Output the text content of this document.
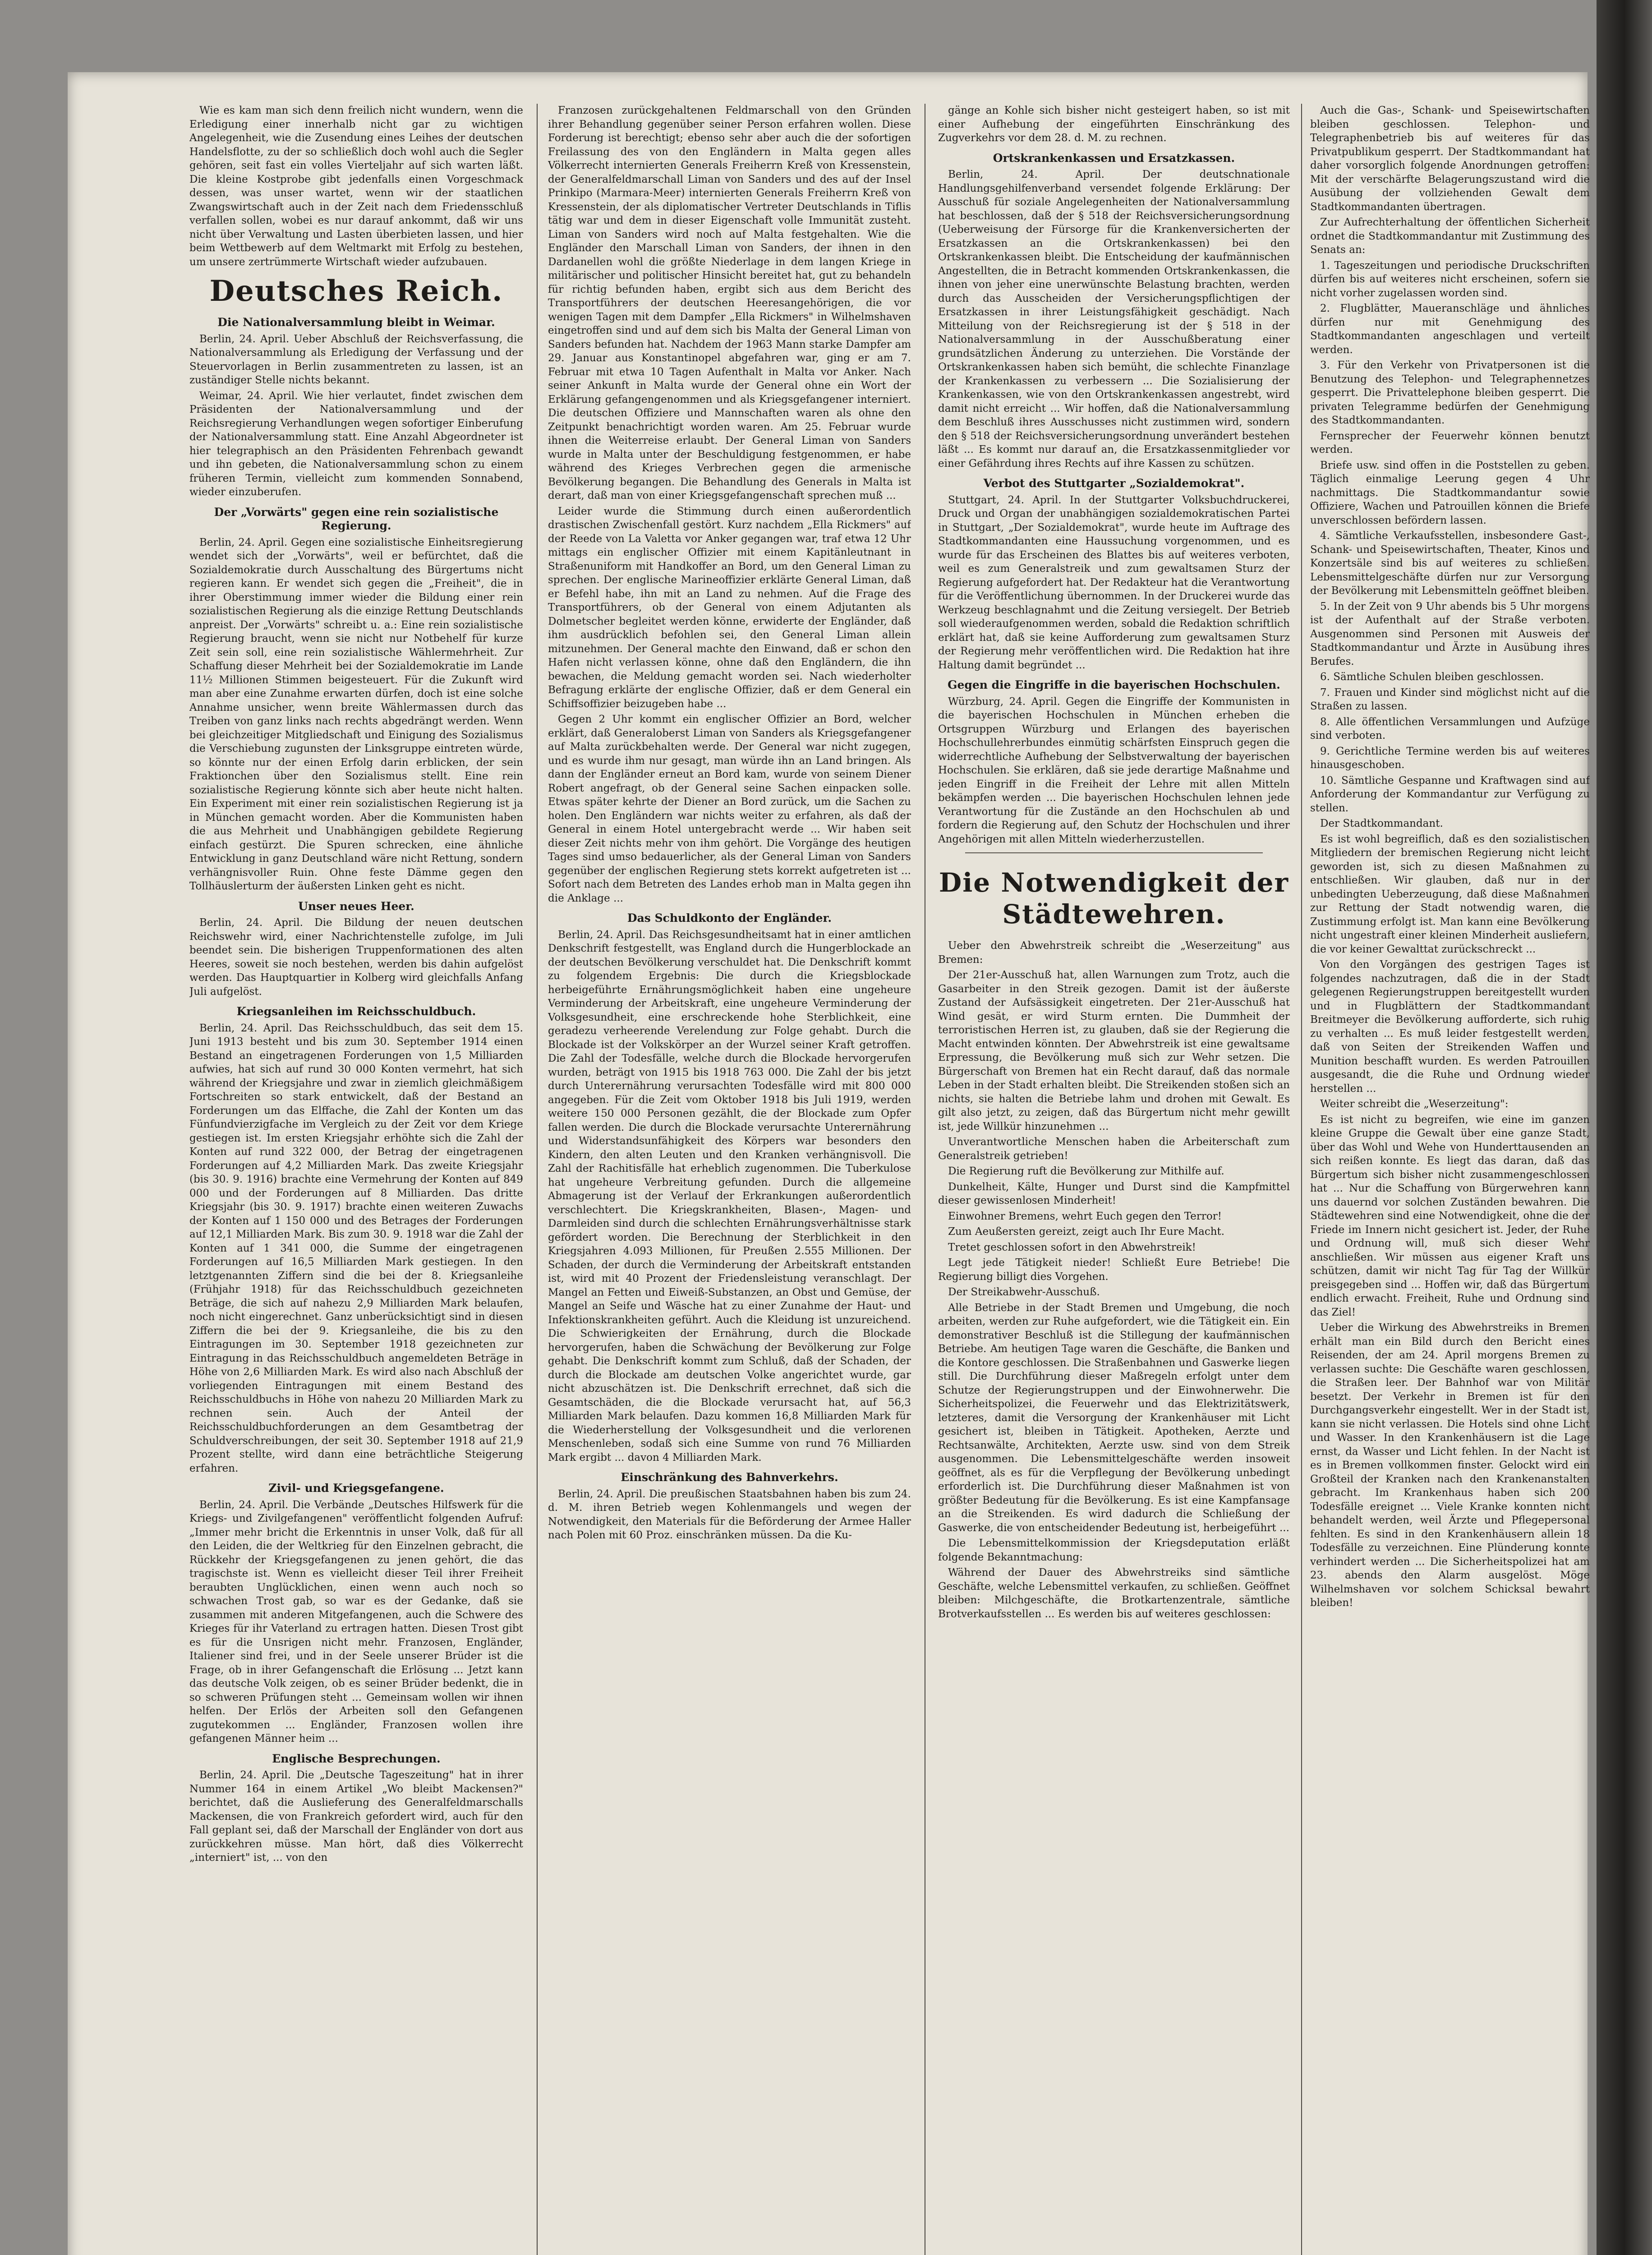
Wie es kam man sich denn freilich nicht wundern, wenn die Erledigung einer innerhalb nicht gar zu wichtigen Angelegenheit, wie die Zusendung eines Leihes der deutschen Handelsflotte, zu der so schließlich doch wohl auch die Segler gehören, seit fast ein volles Vierteljahr auf sich warten läßt. Die kleine Kostprobe gibt jedenfalls einen Vorgeschmack dessen, was unser wartet, wenn wir der staatlichen Zwangswirtschaft auch in der Zeit nach dem Friedensschluß verfallen sollen, wobei es nur darauf ankommt, daß wir uns nicht über Verwaltung und Lasten überbieten lassen, und hier beim Wettbewerb auf dem Weltmarkt mit Erfolg zu bestehen, um unsere zertrümmerte Wirtschaft wieder aufzubauen.

Deutsches Reich.
Die Nationalversammlung bleibt in Weimar.

Berlin, 24. April. Ueber Abschluß der Reichsverfassung, die Nationalversammlung als Erledigung der Verfassung und der Steuervorlagen in Berlin zusammentreten zu lassen, ist an zuständiger Stelle nichts bekannt.

Weimar, 24. April. Wie hier verlautet, findet zwischen dem Präsidenten der Nationalversammlung und der Reichsregierung Verhandlungen wegen sofortiger Einberufung der Nationalversammlung statt. Eine Anzahl Abgeordneter ist hier telegraphisch an den Präsidenten Fehrenbach gewandt und ihn gebeten, die Nationalversammlung schon zu einem früheren Termin, vielleicht zum kommenden Sonnabend, wieder einzuberufen.

Der „Vorwärts" gegen eine rein sozialistische Regierung.

Berlin, 24. April. Gegen eine sozialistische Einheitsregierung wendet sich der „Vorwärts", weil er befürchtet, daß die Sozialdemokratie durch Ausschaltung des Bürgertums nicht regieren kann. Er wendet sich gegen die „Freiheit", die in ihrer Oberstimmung immer wieder die Bildung einer rein sozialistischen Regierung als die einzige Rettung Deutschlands anpreist. Der „Vorwärts" schreibt u. a.: Eine rein sozialistische Regierung braucht, wenn sie nicht nur Notbehelf für kurze Zeit sein soll, eine rein sozialistische Wählermehrheit. Zur Schaffung dieser Mehrheit bei der Sozialdemokratie im Lande 11½ Millionen Stimmen beigesteuert. Für die Zukunft wird man aber eine Zunahme erwarten dürfen, doch ist eine solche Annahme unsicher, wenn breite Wählermassen durch das Treiben von ganz links nach rechts abgedrängt werden. Wenn bei gleichzeitiger Mitgliedschaft und Einigung des Sozialismus die Verschiebung zugunsten der Linksgruppe eintreten würde, so könnte nur der einen Erfolg darin erblicken, der sein Fraktionchen über den Sozialismus stellt. Eine rein sozialistische Regierung könnte sich aber heute nicht halten. Ein Experiment mit einer rein sozialistischen Regierung ist ja in München gemacht worden. Aber die Kommunisten haben die aus Mehrheit und Unabhängigen gebildete Regierung einfach gestürzt. Die Spuren schrecken, eine ähnliche Entwicklung in ganz Deutschland wäre nicht Rettung, sondern verhängnisvoller Ruin. Ohne feste Dämme gegen den Tollhäuslerturm der äußersten Linken geht es nicht.

Unser neues Heer.

Berlin, 24. April. Die Bildung der neuen deutschen Reichswehr wird, einer Nachrichtenstelle zufolge, im Juli beendet sein. Die bisherigen Truppenformationen des alten Heeres, soweit sie noch bestehen, werden bis dahin aufgelöst werden. Das Hauptquartier in Kolberg wird gleichfalls Anfang Juli aufgelöst.

Kriegsanleihen im Reichsschuldbuch.

Berlin, 24. April. Das Reichsschuldbuch, das seit dem 15. Juni 1913 besteht und bis zum 30. September 1914 einen Bestand an eingetragenen Forderungen von 1,5 Milliarden aufwies, hat sich auf rund 30 000 Konten vermehrt, hat sich während der Kriegsjahre und zwar in ziemlich gleichmäßigem Fortschreiten so stark entwickelt, daß der Bestand an Forderungen um das Elffache, die Zahl der Konten um das Fünfundvierzigfache im Vergleich zu der Zeit vor dem Kriege gestiegen ist. Im ersten Kriegsjahr erhöhte sich die Zahl der Konten auf rund 322 000, der Betrag der eingetragenen Forderungen auf 4,2 Milliarden Mark. Das zweite Kriegsjahr (bis 30. 9. 1916) brachte eine Vermehrung der Konten auf 849 000 und der Forderungen auf 8 Milliarden. Das dritte Kriegsjahr (bis 30. 9. 1917) brachte einen weiteren Zuwachs der Konten auf 1 150 000 und des Betrages der Forderungen auf 12,1 Milliarden Mark. Bis zum 30. 9. 1918 war die Zahl der Konten auf 1 341 000, die Summe der eingetragenen Forderungen auf 16,5 Milliarden Mark gestiegen. In den letztgenannten Ziffern sind die bei der 8. Kriegsanleihe (Frühjahr 1918) für das Reichsschuldbuch gezeichneten Beträge, die sich auf nahezu 2,9 Milliarden Mark belaufen, noch nicht eingerechnet. Ganz unberücksichtigt sind in diesen Ziffern die bei der 9. Kriegsanleihe, die bis zu den Eintragungen im 30. September 1918 gezeichneten zur Eintragung in das Reichsschuldbuch angemeldeten Beträge in Höhe von 2,6 Milliarden Mark. Es wird also nach Abschluß der vorliegenden Eintragungen mit einem Bestand des Reichsschuldbuchs in Höhe von nahezu 20 Milliarden Mark zu rechnen sein. Auch der Anteil der Reichsschuldbuchforderungen an dem Gesamtbetrag der Schuldverschreibungen, der seit 30. September 1918 auf 21,9 Prozent stellte, wird dann eine beträchtliche Steigerung erfahren.

Zivil- und Kriegsgefangene.

Berlin, 24. April. Die Verbände „Deutsches Hilfswerk für die Kriegs- und Zivilgefangenen" veröffentlicht folgenden Aufruf: „Immer mehr bricht die Erkenntnis in unser Volk, daß für all den Leiden, die der Weltkrieg für den Einzelnen gebracht, die Rückkehr der Kriegsgefangenen zu jenen gehört, die das tragischste ist. Wenn es vielleicht dieser Teil ihrer Freiheit beraubten Unglücklichen, einen wenn auch noch so schwachen Trost gab, so war es der Gedanke, daß sie zusammen mit anderen Mitgefangenen, auch die Schwere des Krieges für ihr Vaterland zu ertragen hatten. Diesen Trost gibt es für die Unsrigen nicht mehr. Franzosen, Engländer, Italiener sind frei, und in der Seele unserer Brüder ist die Frage, ob in ihrer Gefangenschaft die Erlösung ... Jetzt kann das deutsche Volk zeigen, ob es seiner Brüder bedenkt, die in so schweren Prüfungen steht ... Gemeinsam wollen wir ihnen helfen. Der Erlös der Arbeiten soll den Gefangenen zugutekommen ... Engländer, Franzosen wollen ihre gefangenen Männer heim ...

Englische Besprechungen.

Berlin, 24. April. Die „Deutsche Tageszeitung" hat in ihrer Nummer 164 in einem Artikel „Wo bleibt Mackensen?" berichtet, daß die Auslieferung des Generalfeldmarschalls Mackensen, die von Frankreich gefordert wird, auch für den Fall geplant sei, daß der Marschall der Engländer von dort aus zurückkehren müsse. Man hört, daß dies Völkerrecht „interniert" ist, ... von den

Franzosen zurückgehaltenen Feldmarschall von den Gründen ihrer Behandlung gegenüber seiner Person erfahren wollen. Diese Forderung ist berechtigt; ebenso sehr aber auch die der sofortigen Freilassung des von den Engländern in Malta gegen alles Völkerrecht internierten Generals Freiherrn Kreß von Kressenstein, der Generalfeldmarschall Liman von Sanders und des auf der Insel Prinkipo (Marmara-Meer) internierten Generals Freiherrn Kreß von Kressenstein, der als diplomatischer Vertreter Deutschlands in Tiflis tätig war und dem in dieser Eigenschaft volle Immunität zusteht. Liman von Sanders wird noch auf Malta festgehalten. Wie die Engländer den Marschall Liman von Sanders, der ihnen in den Dardanellen wohl die größte Niederlage in dem langen Kriege in militärischer und politischer Hinsicht bereitet hat, gut zu behandeln für richtig befunden haben, ergibt sich aus dem Bericht des Transportführers der deutschen Heeresangehörigen, die vor wenigen Tagen mit dem Dampfer „Ella Rickmers" in Wilhelmshaven eingetroffen sind und auf dem sich bis Malta der General Liman von Sanders befunden hat. Nachdem der 1963 Mann starke Dampfer am 29. Januar aus Konstantinopel abgefahren war, ging er am 7. Februar mit etwa 10 Tagen Aufenthalt in Malta vor Anker. Nach seiner Ankunft in Malta wurde der General ohne ein Wort der Erklärung gefangengenommen und als Kriegsgefangener interniert. Die deutschen Offiziere und Mannschaften waren als ohne den Zeitpunkt benachrichtigt worden waren. Am 25. Februar wurde ihnen die Weiterreise erlaubt. Der General Liman von Sanders wurde in Malta unter der Beschuldigung festgenommen, er habe während des Krieges Verbrechen gegen die armenische Bevölkerung begangen. Die Behandlung des Generals in Malta ist derart, daß man von einer Kriegsgefangenschaft sprechen muß ...

Leider wurde die Stimmung durch einen außerordentlich drastischen Zwischenfall gestört. Kurz nachdem „Ella Rickmers" auf der Reede von La Valetta vor Anker gegangen war, traf etwa 12 Uhr mittags ein englischer Offizier mit einem Kapitänleutnant in Straßenuniform mit Handkoffer an Bord, um den General Liman zu sprechen. Der englische Marineoffizier erklärte General Liman, daß er Befehl habe, ihn mit an Land zu nehmen. Auf die Frage des Transportführers, ob der General von einem Adjutanten als Dolmetscher begleitet werden könne, erwiderte der Engländer, daß ihm ausdrücklich befohlen sei, den General Liman allein mitzunehmen. Der General machte den Einwand, daß er schon den Hafen nicht verlassen könne, ohne daß den Engländern, die ihn bewachen, die Meldung gemacht worden sei. Nach wiederholter Befragung erklärte der englische Offizier, daß er dem General ein Schiffsoffizier beizugeben habe ...

Gegen 2 Uhr kommt ein englischer Offizier an Bord, welcher erklärt, daß Generaloberst Liman von Sanders als Kriegsgefangener auf Malta zurückbehalten werde. Der General war nicht zugegen, und es wurde ihm nur gesagt, man würde ihn an Land bringen. Als dann der Engländer erneut an Bord kam, wurde von seinem Diener Robert angefragt, ob der General seine Sachen einpacken solle. Etwas später kehrte der Diener an Bord zurück, um die Sachen zu holen. Den Engländern war nichts weiter zu erfahren, als daß der General in einem Hotel untergebracht werde ... Wir haben seit dieser Zeit nichts mehr von ihm gehört. Die Vorgänge des heutigen Tages sind umso bedauerlicher, als der General Liman von Sanders gegenüber der englischen Regierung stets korrekt aufgetreten ist ... Sofort nach dem Betreten des Landes erhob man in Malta gegen ihn die Anklage ...

Das Schuldkonto der Engländer.

Berlin, 24. April. Das Reichsgesundheitsamt hat in einer amtlichen Denkschrift festgestellt, was England durch die Hungerblockade an der deutschen Bevölkerung verschuldet hat. Die Denkschrift kommt zu folgendem Ergebnis: Die durch die Kriegsblockade herbeigeführte Ernährungsmöglichkeit haben eine ungeheure Verminderung der Arbeitskraft, eine ungeheure Verminderung der Volksgesundheit, eine erschreckende hohe Sterblichkeit, eine geradezu verheerende Verelendung zur Folge gehabt. Durch die Blockade ist der Volkskörper an der Wurzel seiner Kraft getroffen. Die Zahl der Todesfälle, welche durch die Blockade hervorgerufen wurden, beträgt von 1915 bis 1918 763 000. Die Zahl der bis jetzt durch Unterernährung verursachten Todesfälle wird mit 800 000 angegeben. Für die Zeit vom Oktober 1918 bis Juli 1919, werden weitere 150 000 Personen gezählt, die der Blockade zum Opfer fallen werden. Die durch die Blockade verursachte Unterernährung und Widerstandsunfähigkeit des Körpers war besonders den Kindern, den alten Leuten und den Kranken verhängnisvoll. Die Zahl der Rachitisfälle hat erheblich zugenommen. Die Tuberkulose hat ungeheure Verbreitung gefunden. Durch die allgemeine Abmagerung ist der Verlauf der Erkrankungen außerordentlich verschlechtert. Die Kriegskrankheiten, Blasen-, Magen- und Darmleiden sind durch die schlechten Ernährungsverhältnisse stark gefördert worden. Die Berechnung der Sterblichkeit in den Kriegsjahren 4.093 Millionen, für Preußen 2.555 Millionen. Der Schaden, der durch die Verminderung der Arbeitskraft entstanden ist, wird mit 40 Prozent der Friedensleistung veranschlagt. Der Mangel an Fetten und Eiweiß-Substanzen, an Obst und Gemüse, der Mangel an Seife und Wäsche hat zu einer Zunahme der Haut- und Infektionskrankheiten geführt. Auch die Kleidung ist unzureichend. Die Schwierigkeiten der Ernährung, durch die Blockade hervorgerufen, haben die Schwächung der Bevölkerung zur Folge gehabt. Die Denkschrift kommt zum Schluß, daß der Schaden, der durch die Blockade am deutschen Volke angerichtet wurde, gar nicht abzuschätzen ist. Die Denkschrift errechnet, daß sich die Gesamtschäden, die die Blockade verursacht hat, auf 56,3 Milliarden Mark belaufen. Dazu kommen 16,8 Milliarden Mark für die Wiederherstellung der Volksgesundheit und die verlorenen Menschenleben, sodaß sich eine Summe von rund 76 Milliarden Mark ergibt ... davon 4 Milliarden Mark.

Einschränkung des Bahnverkehrs.

Berlin, 24. April. Die preußischen Staatsbahnen haben bis zum 24. d. M. ihren Betrieb wegen Kohlenmangels und wegen der Notwendigkeit, den Materials für die Beförderung der Armee Haller nach Polen mit 60 Proz. einschränken müssen. Da die Ku-

gänge an Kohle sich bisher nicht gesteigert haben, so ist mit einer Aufhebung der eingeführten Einschränkung des Zugverkehrs vor dem 28. d. M. zu rechnen.

Ortskrankenkassen und Ersatzkassen.

Berlin, 24. April. Der deutschnationale Handlungsgehilfenverband versendet folgende Erklärung: Der Ausschuß für soziale Angelegenheiten der Nationalversammlung hat beschlossen, daß der § 518 der Reichsversicherungsordnung (Ueberweisung der Fürsorge für die Krankenversicherten der Ersatzkassen an die Ortskrankenkassen) bei den Ortskrankenkassen bleibt. Die Entscheidung der kaufmännischen Angestellten, die in Betracht kommenden Ortskrankenkassen, die ihnen von jeher eine unerwünschte Belastung brachten, werden durch das Ausscheiden der Versicherungspflichtigen der Ersatzkassen in ihrer Leistungsfähigkeit geschädigt. Nach Mitteilung von der Reichsregierung ist der § 518 in der Nationalversammlung in der Ausschußberatung einer grundsätzlichen Änderung zu unterziehen. Die Vorstände der Ortskrankenkassen haben sich bemüht, die schlechte Finanzlage der Krankenkassen zu verbessern ... Die Sozialisierung der Krankenkassen, wie von den Ortskrankenkassen angestrebt, wird damit nicht erreicht ... Wir hoffen, daß die Nationalversammlung dem Beschluß ihres Ausschusses nicht zustimmen wird, sondern den § 518 der Reichsversicherungsordnung unverändert bestehen läßt ... Es kommt nur darauf an, die Ersatzkassenmitglieder vor einer Gefährdung ihres Rechts auf ihre Kassen zu schützen.

Verbot des Stuttgarter „Sozialdemokrat".

Stuttgart, 24. April. In der Stuttgarter Volksbuchdruckerei, Druck und Organ der unabhängigen sozialdemokratischen Partei in Stuttgart, „Der Sozialdemokrat", wurde heute im Auftrage des Stadtkommandanten eine Haussuchung vorgenommen, und es wurde für das Erscheinen des Blattes bis auf weiteres verboten, weil es zum Generalstreik und zum gewaltsamen Sturz der Regierung aufgefordert hat. Der Redakteur hat die Verantwortung für die Veröffentlichung übernommen. In der Druckerei wurde das Werkzeug beschlagnahmt und die Zeitung versiegelt. Der Betrieb soll wiederaufgenommen werden, sobald die Redaktion schriftlich erklärt hat, daß sie keine Aufforderung zum gewaltsamen Sturz der Regierung mehr veröffentlichen wird. Die Redaktion hat ihre Haltung damit begründet ...

Gegen die Eingriffe in die bayerischen Hochschulen.

Würzburg, 24. April. Gegen die Eingriffe der Kommunisten in die bayerischen Hochschulen in München erheben die Ortsgruppen Würzburg und Erlangen des bayerischen Hochschullehrerbundes einmütig schärfsten Einspruch gegen die widerrechtliche Aufhebung der Selbstverwaltung der bayerischen Hochschulen. Sie erklären, daß sie jede derartige Maßnahme und jeden Eingriff in die Freiheit der Lehre mit allen Mitteln bekämpfen werden ... Die bayerischen Hochschulen lehnen jede Verantwortung für die Zustände an den Hochschulen ab und fordern die Regierung auf, den Schutz der Hochschulen und ihrer Angehörigen mit allen Mitteln wiederherzustellen.

Die Notwendigkeit der Städtewehren.

Ueber den Abwehrstreik schreibt die „Weserzeitung" aus Bremen:

Der 21er-Ausschuß hat, allen Warnungen zum Trotz, auch die Gasarbeiter in den Streik gezogen. Damit ist der äußerste Zustand der Aufsässigkeit eingetreten. Der 21er-Ausschuß hat Wind gesät, er wird Sturm ernten. Die Dummheit der terroristischen Herren ist, zu glauben, daß sie der Regierung die Macht entwinden könnten. Der Abwehrstreik ist eine gewaltsame Erpressung, die Bevölkerung muß sich zur Wehr setzen. Die Bürgerschaft von Bremen hat ein Recht darauf, daß das normale Leben in der Stadt erhalten bleibt. Die Streikenden stoßen sich an nichts, sie halten die Betriebe lahm und drohen mit Gewalt. Es gilt also jetzt, zu zeigen, daß das Bürgertum nicht mehr gewillt ist, jede Willkür hinzunehmen ...

Unverantwortliche Menschen haben die Arbeiterschaft zum Generalstreik getrieben!

Die Regierung ruft die Bevölkerung zur Mithilfe auf.

Dunkelheit, Kälte, Hunger und Durst sind die Kampfmittel dieser gewissenlosen Minderheit!

Einwohner Bremens, wehrt Euch gegen den Terror!

Zum Aeußersten gereizt, zeigt auch Ihr Eure Macht.

Tretet geschlossen sofort in den Abwehrstreik!

Legt jede Tätigkeit nieder! Schließt Eure Betriebe! Die Regierung billigt dies Vorgehen.

Der Streikabwehr-Ausschuß.

Alle Betriebe in der Stadt Bremen und Umgebung, die noch arbeiten, werden zur Ruhe aufgefordert, wie die Tätigkeit ein. Ein demonstrativer Beschluß ist die Stillegung der kaufmännischen Betriebe. Am heutigen Tage waren die Geschäfte, die Banken und die Kontore geschlossen. Die Straßenbahnen und Gaswerke liegen still. Die Durchführung dieser Maßregeln erfolgt unter dem Schutze der Regierungstruppen und der Einwohnerwehr. Die Sicherheitspolizei, die Feuerwehr und das Elektrizitätswerk, letzteres, damit die Versorgung der Krankenhäuser mit Licht gesichert ist, bleiben in Tätigkeit. Apotheken, Aerzte und Rechtsanwälte, Architekten, Aerzte usw. sind von dem Streik ausgenommen. Die Lebensmittelgeschäfte werden insoweit geöffnet, als es für die Verpflegung der Bevölkerung unbedingt erforderlich ist. Die Durchführung dieser Maßnahmen ist von größter Bedeutung für die Bevölkerung. Es ist eine Kampfansage an die Streikenden. Es wird dadurch die Schließung der Gaswerke, die von entscheidender Bedeutung ist, herbeigeführt ...

Die Lebensmittelkommission der Kriegsdeputation erläßt folgende Bekanntmachung:

Während der Dauer des Abwehrstreiks sind sämtliche Geschäfte, welche Lebensmittel verkaufen, zu schließen. Geöffnet bleiben: Milchgeschäfte, die Brotkartenzentrale, sämtliche Brotverkaufsstellen ... Es werden bis auf weiteres geschlossen:

Auch die Gas-, Schank- und Speisewirtschaften bleiben geschlossen. Telephon- und Telegraphenbetrieb bis auf weiteres für das Privatpublikum gesperrt. Der Stadtkommandant hat daher vorsorglich folgende Anordnungen getroffen: Mit der verschärfte Belagerungszustand wird die Ausübung der vollziehenden Gewalt dem Stadtkommandanten übertragen.

Zur Aufrechterhaltung der öffentlichen Sicherheit ordnet die Stadtkommandantur mit Zustimmung des Senats an:

1. Tageszeitungen und periodische Druckschriften dürfen bis auf weiteres nicht erscheinen, sofern sie nicht vorher zugelassen worden sind.

2. Flugblätter, Maueranschläge und ähnliches dürfen nur mit Genehmigung des Stadtkommandanten angeschlagen und verteilt werden.

3. Für den Verkehr von Privatpersonen ist die Benutzung des Telephon- und Telegraphennetzes gesperrt. Die Privattelephone bleiben gesperrt. Die privaten Telegramme bedürfen der Genehmigung des Stadtkommandanten.

Fernsprecher der Feuerwehr können benutzt werden.

Briefe usw. sind offen in die Poststellen zu geben. Täglich einmalige Leerung gegen 4 Uhr nachmittags. Die Stadtkommandantur sowie Offiziere, Wachen und Patrouillen können die Briefe unverschlossen befördern lassen.

4. Sämtliche Verkaufsstellen, insbesondere Gast-, Schank- und Speisewirtschaften, Theater, Kinos und Konzertsäle sind bis auf weiteres zu schließen. Lebensmittelgeschäfte dürfen nur zur Versorgung der Bevölkerung mit Lebensmitteln geöffnet bleiben.

5. In der Zeit von 9 Uhr abends bis 5 Uhr morgens ist der Aufenthalt auf der Straße verboten. Ausgenommen sind Personen mit Ausweis der Stadtkommandantur und Ärzte in Ausübung ihres Berufes.

6. Sämtliche Schulen bleiben geschlossen.

7. Frauen und Kinder sind möglichst nicht auf die Straßen zu lassen.

8. Alle öffentlichen Versammlungen und Aufzüge sind verboten.

9. Gerichtliche Termine werden bis auf weiteres hinausgeschoben.

10. Sämtliche Gespanne und Kraftwagen sind auf Anforderung der Kommandantur zur Verfügung zu stellen.

Der Stadtkommandant.

Es ist wohl begreiflich, daß es den sozialistischen Mitgliedern der bremischen Regierung nicht leicht geworden ist, sich zu diesen Maßnahmen zu entschließen. Wir glauben, daß nur in der unbedingten Ueberzeugung, daß diese Maßnahmen zur Rettung der Stadt notwendig waren, die Zustimmung erfolgt ist. Man kann eine Bevölkerung nicht ungestraft einer kleinen Minderheit ausliefern, die vor keiner Gewalttat zurückschreckt ...

Von den Vorgängen des gestrigen Tages ist folgendes nachzutragen, daß die in der Stadt gelegenen Regierungstruppen bereitgestellt wurden und in Flugblättern der Stadtkommandant Breitmeyer die Bevölkerung aufforderte, sich ruhig zu verhalten ... Es muß leider festgestellt werden, daß von Seiten der Streikenden Waffen und Munition beschafft wurden. Es werden Patrouillen ausgesandt, die die Ruhe und Ordnung wieder herstellen ...

Weiter schreibt die „Weserzeitung":

Es ist nicht zu begreifen, wie eine im ganzen kleine Gruppe die Gewalt über eine ganze Stadt, über das Wohl und Wehe von Hunderttausenden an sich reißen konnte. Es liegt das daran, daß das Bürgertum sich bisher nicht zusammengeschlossen hat ... Nur die Schaffung von Bürgerwehren kann uns dauernd vor solchen Zuständen bewahren. Die Städtewehren sind eine Notwendigkeit, ohne die der Friede im Innern nicht gesichert ist. Jeder, der Ruhe und Ordnung will, muß sich dieser Wehr anschließen. Wir müssen aus eigener Kraft uns schützen, damit wir nicht Tag für Tag der Willkür preisgegeben sind ... Hoffen wir, daß das Bürgertum endlich erwacht. Freiheit, Ruhe und Ordnung sind das Ziel!

Ueber die Wirkung des Abwehrstreiks in Bremen erhält man ein Bild durch den Bericht eines Reisenden, der am 24. April morgens Bremen zu verlassen suchte: Die Geschäfte waren geschlossen, die Straßen leer. Der Bahnhof war von Militär besetzt. Der Verkehr in Bremen ist für den Durchgangsverkehr eingestellt. Wer in der Stadt ist, kann sie nicht verlassen. Die Hotels sind ohne Licht und Wasser. In den Krankenhäusern ist die Lage ernst, da Wasser und Licht fehlen. In der Nacht ist es in Bremen vollkommen finster. Gelockt wird ein Großteil der Kranken nach den Krankenanstalten gebracht. Im Krankenhaus haben sich 200 Todesfälle ereignet ... Viele Kranke konnten nicht behandelt werden, weil Ärzte und Pflegepersonal fehlten. Es sind in den Krankenhäusern allein 18 Todesfälle zu verzeichnen. Eine Plünderung konnte verhindert werden ... Die Sicherheitspolizei hat am 23. abends den Alarm ausgelöst. Möge Wilhelmshaven vor solchem Schicksal bewahrt bleiben!
